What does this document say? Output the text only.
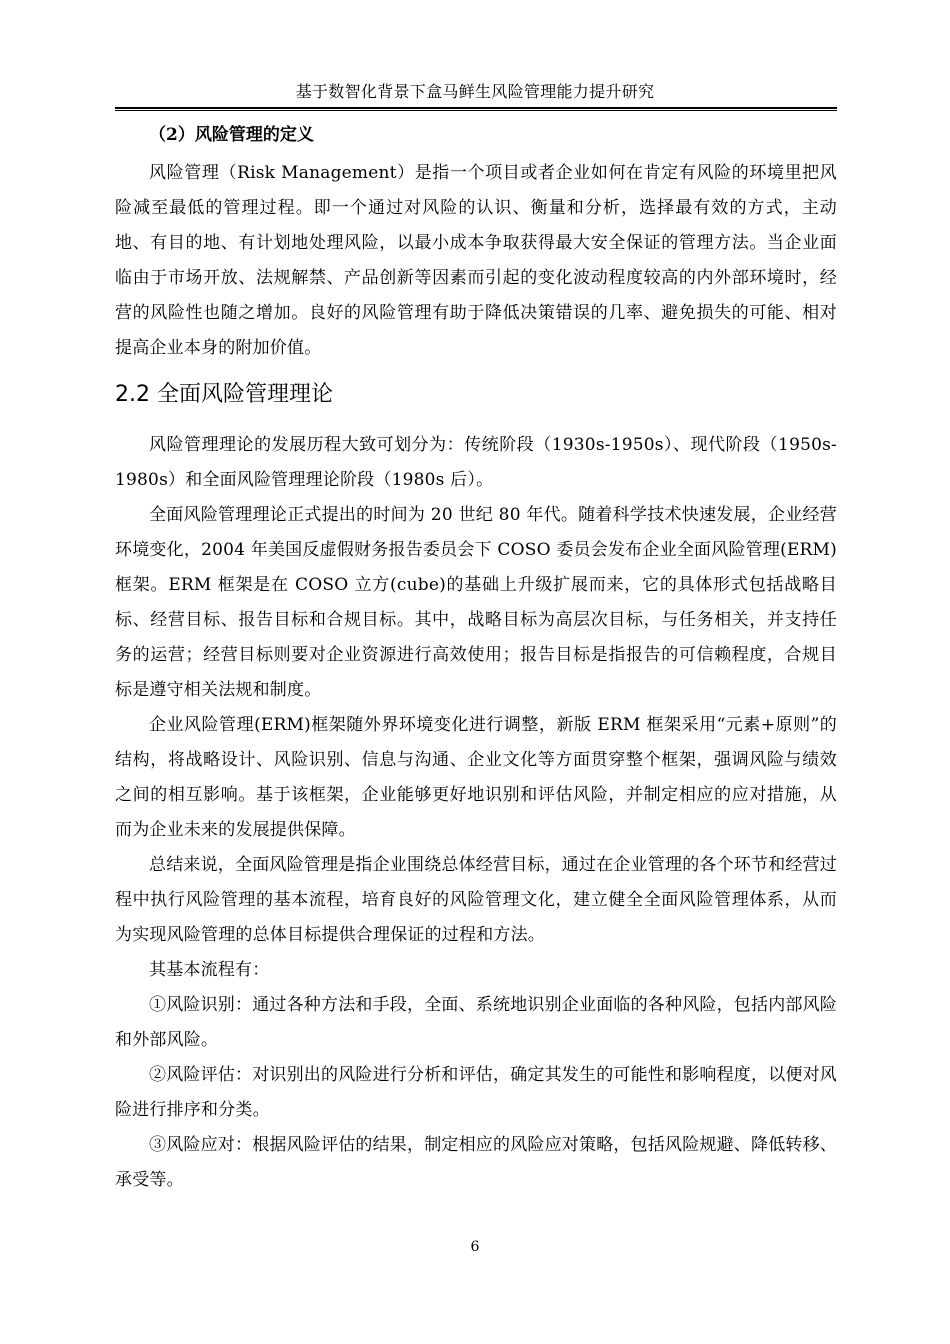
基于数智化背景下盒马鲜生风险管理能力提升研究
（2）风险管理的定义

风险管理（Risk Management）是指一个项目或者企业如何在肯定有风险的环境里把风险减至最低的管理过程。即一个通过对风险的认识、衡量和分析，选择最有效的方式，主动地、有目的地、有计划地处理风险，以最小成本争取获得最大安全保证的管理方法。当企业面临由于市场开放、法规解禁、产品创新等因素而引起的变化波动程度较高的内外部环境时，经营的风险性也随之增加。良好的风险管理有助于降低决策错误的几率、避免损失的可能、相对提高企业本身的附加价值。

2.2 全面风险管理理论

风险管理理论的发展历程大致可划分为：传统阶段（1930s-1950s）、现代阶段（1950s-1980s）和全面风险管理理论阶段（1980s 后）。

全面风险管理理论正式提出的时间为 20 世纪 80 年代。随着科学技术快速发展，企业经营环境变化，2004 年美国反虚假财务报告委员会下 COSO 委员会发布企业全面风险管理(ERM)框架。ERM 框架是在 COSO 立方(cube)的基础上升级扩展而来，它的具体形式包括战略目标、经营目标、报告目标和合规目标。其中，战略目标为高层次目标，与任务相关，并支持任务的运营；经营目标则要对企业资源进行高效使用；报告目标是指报告的可信赖程度，合规目标是遵守相关法规和制度。

企业风险管理(ERM)框架随外界环境变化进行调整，新版 ERM 框架采用“元素+原则”的结构，将战略设计、风险识别、信息与沟通、企业文化等方面贯穿整个框架，强调风险与绩效之间的相互影响。基于该框架，企业能够更好地识别和评估风险，并制定相应的应对措施，从而为企业未来的发展提供保障。

总结来说，全面风险管理是指企业围绕总体经营目标，通过在企业管理的各个环节和经营过程中执行风险管理的基本流程，培育良好的风险管理文化，建立健全全面风险管理体系，从而为实现风险管理的总体目标提供合理保证的过程和方法。

其基本流程有：

①风险识别：通过各种方法和手段，全面、系统地识别企业面临的各种风险，包括内部风险和外部风险。

②风险评估：对识别出的风险进行分析和评估，确定其发生的可能性和影响程度，以便对风险进行排序和分类。

③风险应对：根据风险评估的结果，制定相应的风险应对策略，包括风险规避、降低转移、承受等。

6
